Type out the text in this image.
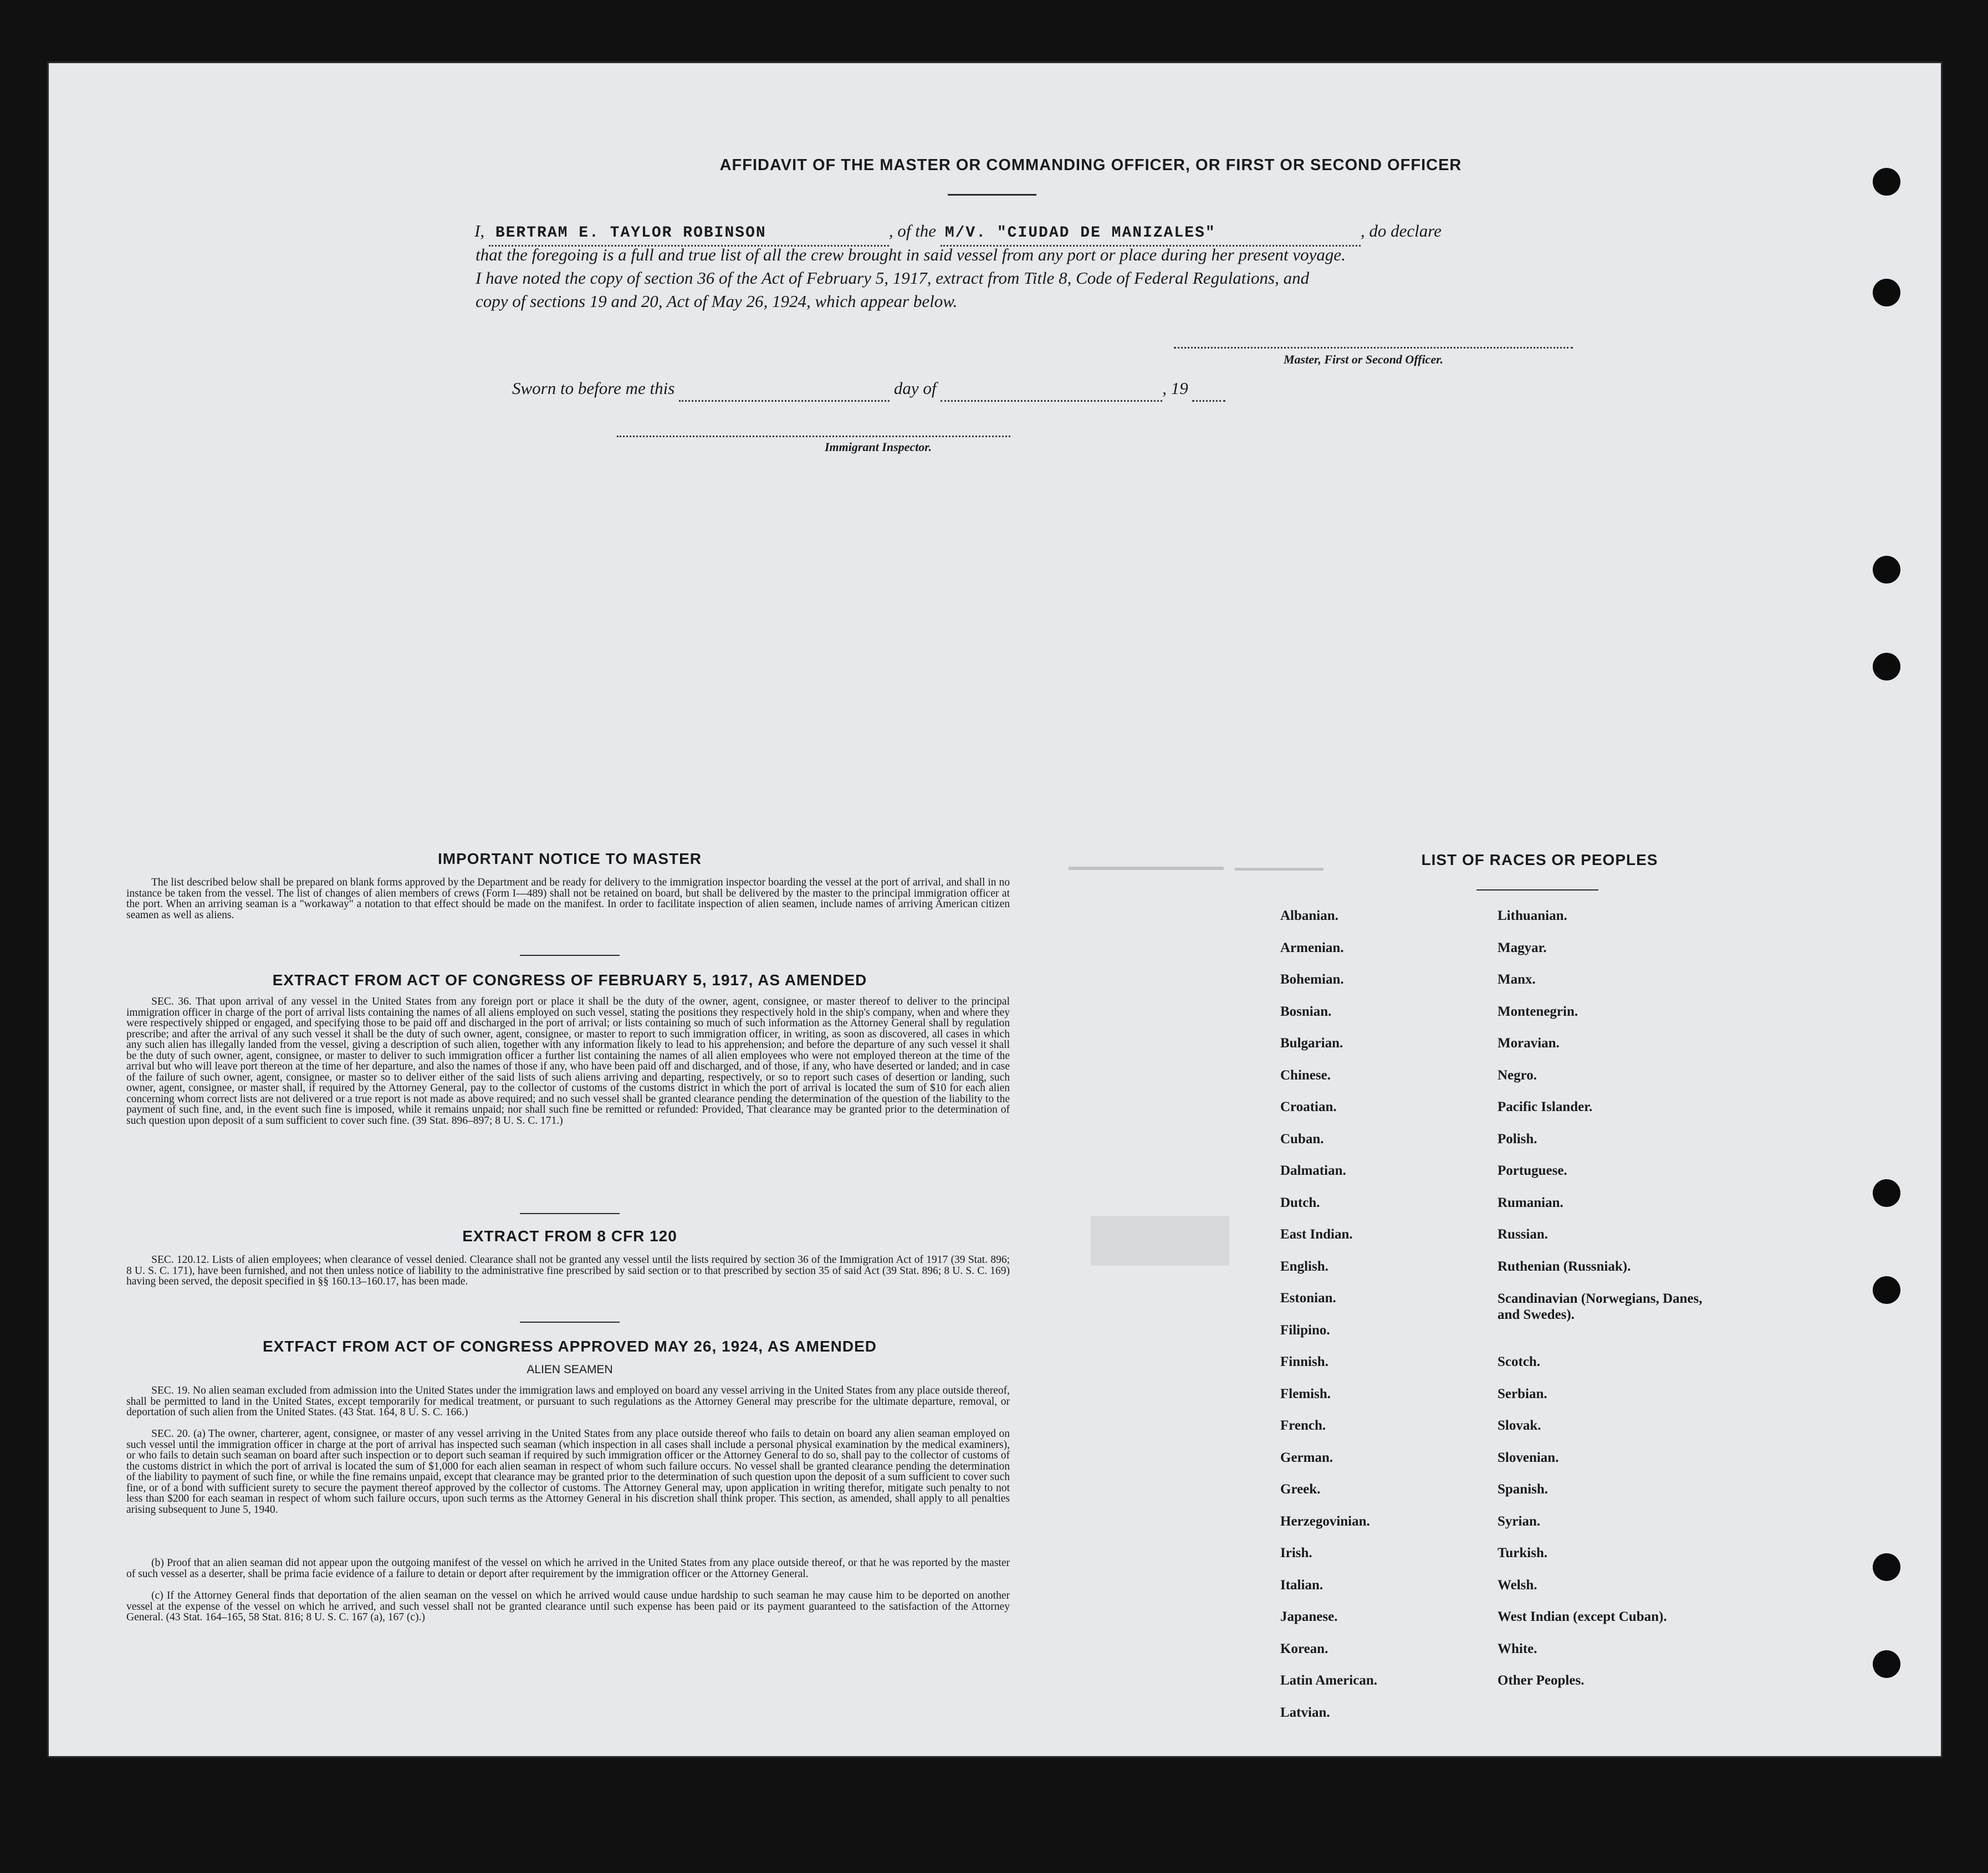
AFFIDAVIT OF THE MASTER OR COMMANDING OFFICER, OR FIRST OR SECOND OFFICER
I, BERTRAM E. TAYLOR ROBINSON	, of the M/V. "CIUDAD DE MANIZALES"	, do declare
that the foregoing is a full and true list of all the crew brought in said vessel from any port or place during her present voyage.
I have noted the copy of section 36 of the Act of February 5, 1917, extract from Title 8, Code of Federal Regulations, and
copy of sections 19 and 20, Act of May 26, 1924, which appear below.
Master, First or Second Officer.
Sworn to before me this	day of	, 19
Immigrant Inspector.
IMPORTANT NOTICE TO MASTER
The list described below shall be prepared on blank forms approved by the Department and be ready for delivery to the immigration inspector boarding the vessel at the port of arrival, and shall in no instance be taken from the vessel. The list of changes of alien members of crews (Form I—489) shall not be retained on board, but shall be delivered by the master to the principal immigration officer at the port. When an arriving seaman is a "workaway" a notation to that effect should be made on the manifest. In order to facilitate inspection of alien seamen, include names of arriving American citizen seamen as well as aliens.
EXTRACT FROM ACT OF CONGRESS OF FEBRUARY 5, 1917, AS AMENDED
SEC. 36. That upon arrival of any vessel in the United States from any foreign port or place it shall be the duty of the owner, agent, consignee, or master thereof to deliver to the principal immigration officer in charge of the port of arrival lists containing the names of all aliens employed on such vessel, stating the positions they respectively hold in the ship's company, when and where they were respectively shipped or engaged, and specifying those to be paid off and discharged in the port of arrival; or lists containing so much of such information as the Attorney General shall by regulation prescribe; and after the arrival of any such vessel it shall be the duty of such owner, agent, consignee, or master to report to such immigration officer, in writing, as soon as discovered, all cases in which any such alien has illegally landed from the vessel, giving a description of such alien, together with any information likely to lead to his apprehension; and before the departure of any such vessel it shall be the duty of such owner, agent, consignee, or master to deliver to such immigration officer a further list containing the names of all alien employees who were not employed thereon at the time of the arrival but who will leave port thereon at the time of her departure, and also the names of those if any, who have been paid off and discharged, and of those, if any, who have deserted or landed; and in case of the failure of such owner, agent, consignee, or master so to deliver either of the said lists of such aliens arriving and departing, respectively, or so to report such cases of desertion or landing, such owner, agent, consignee, or master shall, if required by the Attorney General, pay to the collector of customs of the customs district in which the port of arrival is located the sum of $10 for each alien concerning whom correct lists are not delivered or a true report is not made as above required; and no such vessel shall be granted clearance pending the determination of the question of the liability to the payment of such fine, and, in the event such fine is imposed, while it remains unpaid; nor shall such fine be remitted or refunded: Provided, That clearance may be granted prior to the determination of such question upon deposit of a sum sufficient to cover such fine. (39 Stat. 896–897; 8 U. S. C. 171.)
EXTRACT FROM 8 CFR 120
SEC. 120.12. Lists of alien employees; when clearance of vessel denied. Clearance shall not be granted any vessel until the lists required by section 36 of the Immigration Act of 1917 (39 Stat. 896; 8 U. S. C. 171), have been furnished, and not then unless notice of liability to the administrative fine prescribed by said section or to that prescribed by section 35 of said Act (39 Stat. 896; 8 U. S. C. 169) having been served, the deposit specified in §§ 160.13–160.17, has been made.
EXTFACT FROM ACT OF CONGRESS APPROVED MAY 26, 1924, AS AMENDED
ALIEN SEAMEN
SEC. 19. No alien seaman excluded from admission into the United States under the immigration laws and employed on board any vessel arriving in the United States from any place outside thereof, shall be permitted to land in the United States, except temporarily for medical treatment, or pursuant to such regulations as the Attorney General may prescribe for the ultimate departure, removal, or deportation of such alien from the United States. (43 Stat. 164, 8 U. S. C. 166.)
SEC. 20. (a) The owner, charterer, agent, consignee, or master of any vessel arriving in the United States from any place outside thereof who fails to detain on board any alien seaman employed on such vessel until the immigration officer in charge at the port of arrival has inspected such seaman (which inspection in all cases shall include a personal physical examination by the medical examiners), or who fails to detain such seaman on board after such inspection or to deport such seaman if required by such immigration officer or the Attorney General to do so, shall pay to the collector of customs of the customs district in which the port of arrival is located the sum of $1,000 for each alien seaman in respect of whom such failure occurs. No vessel shall be granted clearance pending the determination of the liability to payment of such fine, or while the fine remains unpaid, except that clearance may be granted prior to the determination of such question upon the deposit of a sum sufficient to cover such fine, or of a bond with sufficient surety to secure the payment thereof approved by the collector of customs. The Attorney General may, upon application in writing therefor, mitigate such penalty to not less than $200 for each seaman in respect of whom such failure occurs, upon such terms as the Attorney General in his discretion shall think proper. This section, as amended, shall apply to all penalties arising subsequent to June 5, 1940.
(b) Proof that an alien seaman did not appear upon the outgoing manifest of the vessel on which he arrived in the United States from any place outside thereof, or that he was reported by the master of such vessel as a deserter, shall be prima facie evidence of a failure to detain or deport after requirement by the immigration officer or the Attorney General.
(c) If the Attorney General finds that deportation of the alien seaman on the vessel on which he arrived would cause undue hardship to such seaman he may cause him to be deported on another vessel at the expense of the vessel on which he arrived, and such vessel shall not be granted clearance until such expense has been paid or its payment guaranteed to the satisfaction of the Attorney General. (43 Stat. 164–165, 58 Stat. 816; 8 U. S. C. 167 (a), 167 (c).)
LIST OF RACES OR PEOPLES
Albanian.
Armenian.
Bohemian.
Bosnian.
Bulgarian.
Chinese.
Croatian.
Cuban.
Dalmatian.
Dutch.
East Indian.
English.
Estonian.
Filipino.
Finnish.
Flemish.
French.
German.
Greek.
Herzegovinian.
Irish.
Italian.
Japanese.
Korean.
Latin American.
Latvian.
Lithuanian.
Magyar.
Manx.
Montenegrin.
Moravian.
Negro.
Pacific Islander.
Polish.
Portuguese.
Rumanian.
Russian.
Ruthenian (Russniak).
Scandinavian (Norwegians, Danes, and Swedes).
Scotch.
Serbian.
Slovak.
Slovenian.
Spanish.
Syrian.
Turkish.
Welsh.
West Indian (except Cuban).
White.
Other Peoples.
